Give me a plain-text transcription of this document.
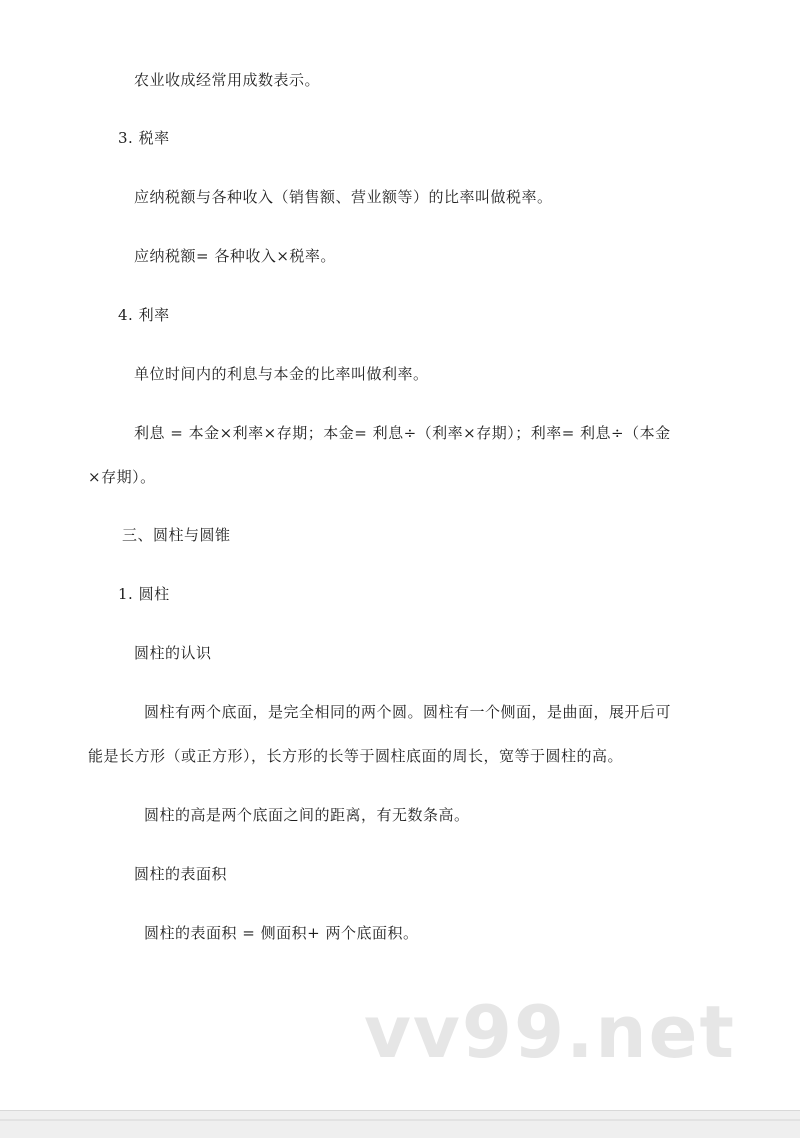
农业收成经常用成数表示。
3. 税率
应纳税额与各种收入（销售额、营业额等）的比率叫做税率。
应纳税额= 各种收入×税率。
4. 利率
单位时间内的利息与本金的比率叫做利率。
利息 = 本金×利率×存期；本金= 利息÷（利率×存期）；利率= 利息÷（本金
×存期）。
三、圆柱与圆锥
1. 圆柱
圆柱的认识
圆柱有两个底面，是完全相同的两个圆。圆柱有一个侧面，是曲面，展开后可
能是长方形（或正方形），长方形的长等于圆柱底面的周长，宽等于圆柱的高。
圆柱的高是两个底面之间的距离，有无数条高。
圆柱的表面积
圆柱的表面积 = 侧面积+ 两个底面积。
vv99.net
